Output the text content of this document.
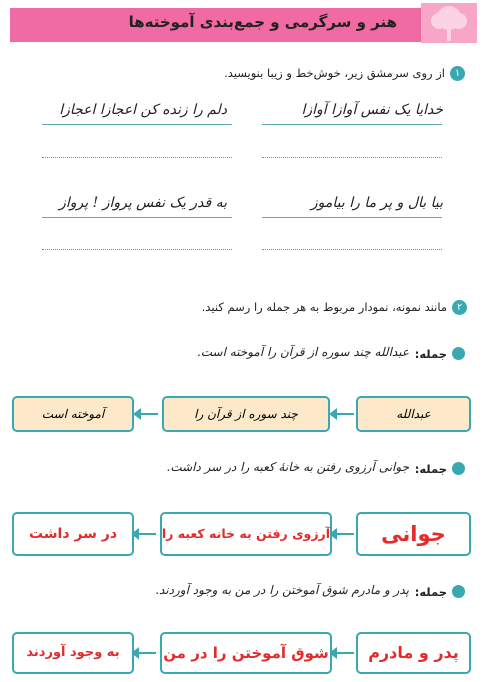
هنر و سرگرمی و جمع‌بندی آموخته‌ها
۱
از روی سرمشق زیر، خوش‌خط و زیبا بنویسید.
خدایا یک نفس آوازا آوازا
دلم را زنده کن اعجازا اعجازا
بیا بال و پر ما را بیاموز
به قدر یک نفس پرواز ! پرواز
۲
مانند نمونه، نمودار مربوط به هر جمله را رسم کنید.
جمله:
عبدالله چند سوره از قرآن را آموخته است.
عبدالله
چند سوره از قرآن را
آموخته است
جمله:
جوانی آرزوی رفتن به خانهٔ کعبه را در سر داشت.
جوانی
آرزوی رفتن به خانه کعبه را
در سر داشت
جمله:
پدر و مادرم شوق آموختن را در من به وجود آوردند.
پدر و مادرم
شوق آموختن را در من
به وجود آوردند
